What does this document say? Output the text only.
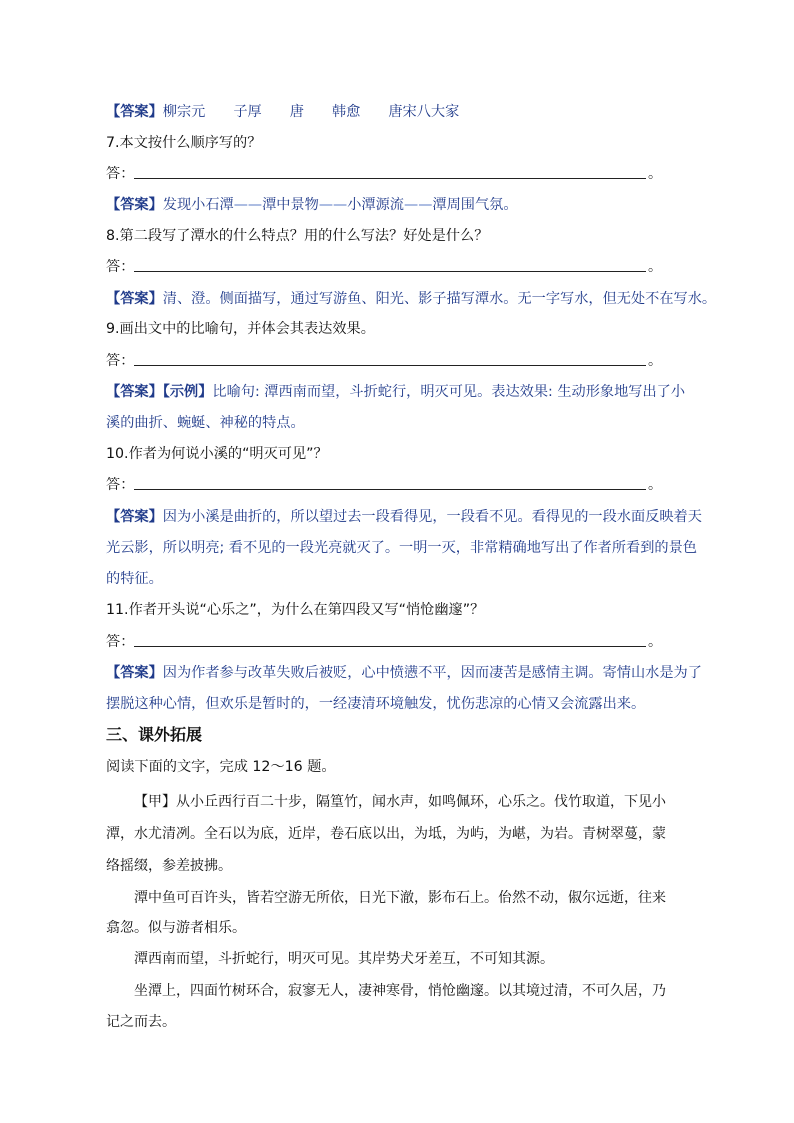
【答案】柳宗元 子厚 唐 韩愈 唐宋八大家
7.本文按什么顺序写的？
答：	。
【答案】发现小石潭——潭中景物——小潭源流——潭周围气氛。
8.第二段写了潭水的什么特点？用的什么写法？好处是什么？
答：	。
【答案】清、澄。侧面描写，通过写游鱼、阳光、影子描写潭水。无一字写水，但无处不在写水。
9.画出文中的比喻句，并体会其表达效果。
答：	。
【答案】【示例】比喻句: 潭西南而望，斗折蛇行，明灭可见。表达效果: 生动形象地写出了小
溪的曲折、蜿蜒、神秘的特点。
10.作者为何说小溪的“明灭可见”？
答：	。
【答案】因为小溪是曲折的，所以望过去一段看得见，一段看不见。看得见的一段水面反映着天
光云影，所以明亮; 看不见的一段光亮就灭了。一明一灭，非常精确地写出了作者所看到的景色
的特征。
11.作者开头说“心乐之”，为什么在第四段又写“悄怆幽邃”？
答：	。
【答案】因为作者参与改革失败后被贬，心中愤懑不平，因而凄苦是感情主调。寄情山水是为了
摆脱这种心情，但欢乐是暂时的，一经凄清环境触发，忧伤悲凉的心情又会流露出来。
三、课外拓展
阅读下面的文字，完成 12～16 题。
【甲】从小丘西行百二十步，隔篁竹，闻水声，如鸣佩环，心乐之。伐竹取道，下见小
潭，水尤清冽。全石以为底，近岸，卷石底以出，为坻，为屿，为嵁，为岩。青树翠蔓，蒙
络摇缀，参差披拂。
潭中鱼可百许头，皆若空游无所依，日光下澈，影布石上。佁然不动，俶尔远逝，往来
翕忽。似与游者相乐。
潭西南而望，斗折蛇行，明灭可见。其岸势犬牙差互，不可知其源。
坐潭上，四面竹树环合，寂寥无人，凄神寒骨，悄怆幽邃。以其境过清，不可久居，乃
记之而去。
